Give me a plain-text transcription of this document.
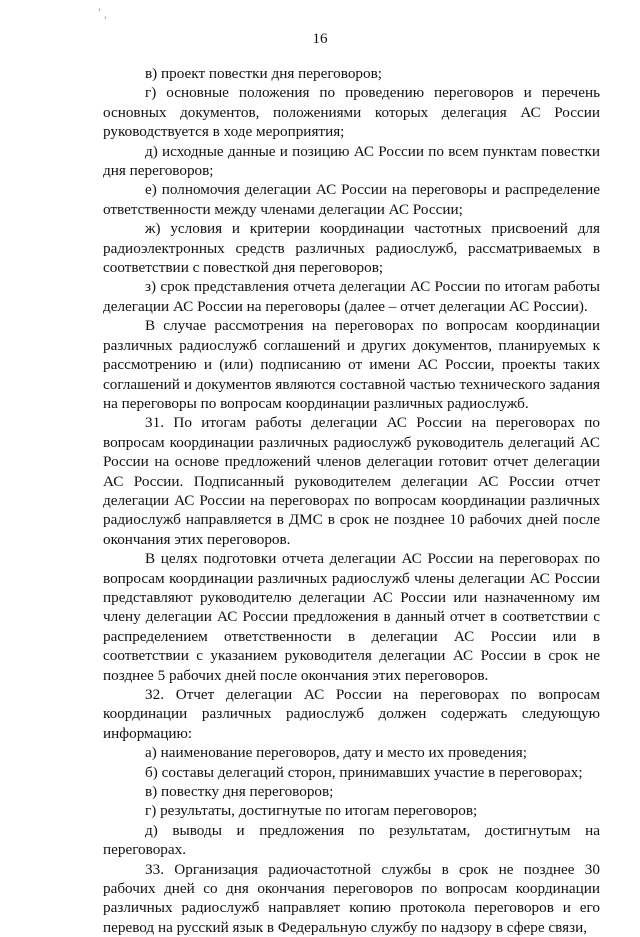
'
'
16

в) проект повестки дня переговоров;

г) основные положения по проведению переговоров и перечень основных документов, положениями которых делегация АС России руководствуется в ходе мероприятия;

д) исходные данные и позицию АС России по всем пунктам повестки дня переговоров;

е) полномочия делегации АС России на переговоры и распределение ответственности между членами делегации АС России;

ж) условия и критерии координации частотных присвоений для радиоэлектронных средств различных радиослужб, рассматриваемых в соответствии с повесткой дня переговоров;

з) срок представления отчета делегации АС России по итогам работы делегации АС России на переговоры (далее – отчет делегации АС России).

В случае рассмотрения на переговорах по вопросам координации различных радиослужб соглашений и других документов, планируемых к рассмотрению и (или) подписанию от имени АС России, проекты таких соглашений и документов являются составной частью технического задания на переговоры по вопросам координации различных радиослужб.

31. По итогам работы делегации АС России на переговорах по вопросам координации различных радиослужб руководитель делегаций АС России на основе предложений членов делегации готовит отчет делегации АС России. Подписанный руководителем делегации АС России отчет делегации АС России на переговорах по вопросам координации различных радиослужб направляется в ДМС в срок не позднее 10 рабочих дней после окончания этих переговоров.

В целях подготовки отчета делегации АС России на переговорах по вопросам координации различных радиослужб члены делегации АС России представляют руководителю делегации АС России или назначенному им члену делегации АС России предложения в данный отчет в соответствии с распределением ответственности в делегации АС России или в соответствии с указанием руководителя делегации АС России в срок не позднее 5 рабочих дней после окончания этих переговоров.

32. Отчет делегации АС России на переговорах по вопросам координации различных радиослужб должен содержать следующую информацию:

а) наименование переговоров, дату и место их проведения;

б) составы делегаций сторон, принимавших участие в переговорах;

в) повестку дня переговоров;

г) результаты, достигнутые по итогам переговоров;

д) выводы и предложения по результатам, достигнутым на переговорах.

33. Организация радиочастотной службы в срок не позднее 30 рабочих дней со дня окончания переговоров по вопросам координации различных радиослужб направляет копию протокола переговоров и его перевод на русский язык в Федеральную службу по надзору в сфере связи,
